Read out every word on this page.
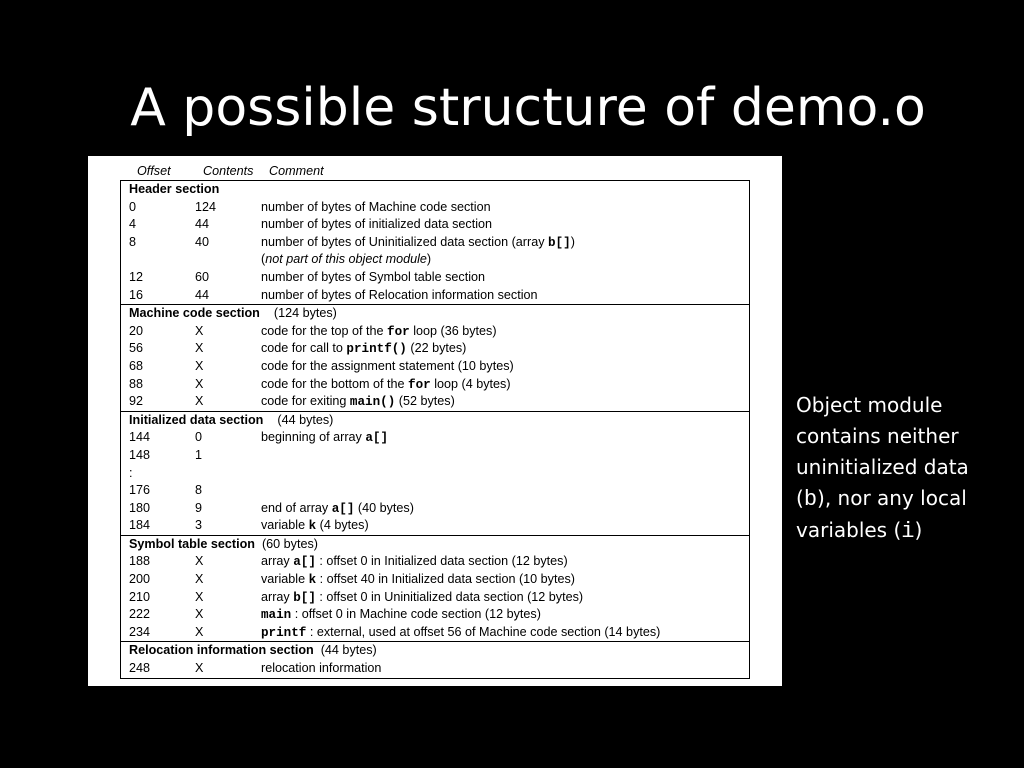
A possible structure of demo.o
Offset	Contents Comment
Header section
0	124	number of bytes of Machine code section
4	44	number of bytes of initialized data section
8	40	number of bytes of Uninitialized data section (array b[])
(not part of this object module)
12	60	number of bytes of Symbol table section
16	44	number of bytes of Relocation information section
Machine code section (124 bytes)
20	X	code for the top of the for loop (36 bytes)
56	X	code for call to printf() (22 bytes)
68	X	code for the assignment statement (10 bytes)
88	X	code for the bottom of the for loop (4 bytes)
92	X	code for exiting main() (52 bytes)
Initialized data section (44 bytes)
144	0	beginning of array a[]
148	1
:
176	8
180	9	end of array a[] (40 bytes)
184	3	variable k (4 bytes)
Symbol table section (60 bytes)
188	X	array a[] : offset 0 in Initialized data section (12 bytes)
200	X	variable k : offset 40 in Initialized data section (10 bytes)
210	X	array b[] : offset 0 in Uninitialized data section (12 bytes)
222	X	main : offset 0 in Machine code section (12 bytes)
234	X	printf : external, used at offset 56 of Machine code section (14 bytes)
Relocation information section (44 bytes)
248	X	relocation information
Object module
contains neither
uninitialized data
(b), nor any local
variables (i)
